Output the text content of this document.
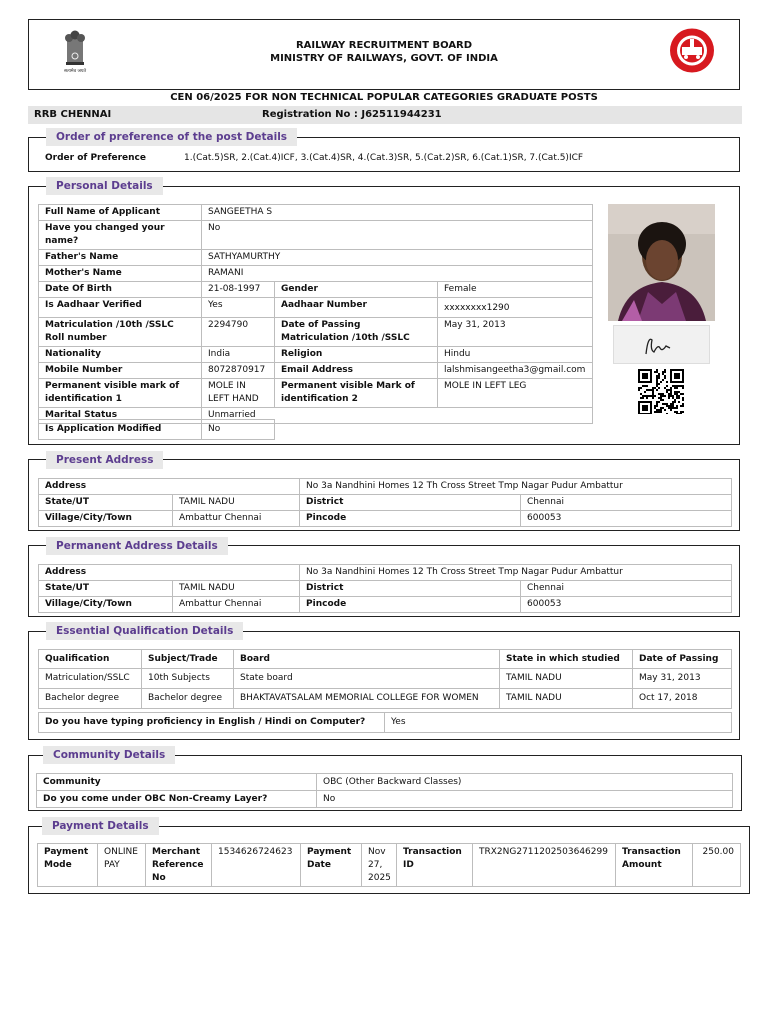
सत्यमेव जयते
RAILWAY RECRUITMENT BOARD
MINISTRY OF RAILWAYS, GOVT. OF INDIA
CEN 06/2025 FOR NON TECHNICAL POPULAR CATEGORIES GRADUATE POSTS
RRB CHENNAI	Registration No : J62511944231
Order of preference of the post Details
Order of Preference	1.(Cat.5)SR, 2.(Cat.4)ICF, 3.(Cat.4)SR, 4.(Cat.3)SR, 5.(Cat.2)SR, 6.(Cat.1)SR, 7.(Cat.5)ICF
Personal Details
Full Name of Applicant	SANGEETHA S		
Have you changed your name?	No		
Father's Name	SATHYAMURTHY		
Mother's Name	RAMANI		
Date Of Birth	21-08-1997	Gender	Female
Is Aadhaar Verified	Yes	Aadhaar Number	xxxxxxxx1290
Matriculation /10th /SSLC Roll number	2294790	Date of Passing Matriculation /10th /SSLC	May 31, 2013
Nationality	India	Religion	Hindu
Mobile Number	8072870917	Email Address	lalshmisangeetha3@gmail.com
Permanent visible mark of identification 1	MOLE IN LEFT HAND	Permanent visible Mark of identification 2	MOLE IN LEFT LEG
Marital Status	Unmarried		
Is Application Modified	No
Present Address
Address		No 3a Nandhini Homes 12 Th Cross Street Tmp Nagar Pudur Ambattur	
State/UT	TAMIL NADU	District	Chennai
Village/City/Town	Ambattur Chennai	Pincode	600053
Permanent Address Details
Address		No 3a Nandhini Homes 12 Th Cross Street Tmp Nagar Pudur Ambattur	
State/UT	TAMIL NADU	District	Chennai
Village/City/Town	Ambattur Chennai	Pincode	600053
Essential Qualification Details
Qualification	Subject/Trade	Board	State in which studied	Date of Passing
Matriculation/SSLC	10th Subjects	State board	TAMIL NADU	May 31, 2013
Bachelor degree	Bachelor degree	BHAKTAVATSALAM MEMORIAL COLLEGE FOR WOMEN	TAMIL NADU	Oct 17, 2018
Do you have typing proficiency in English / Hindi on Computer?	Yes
Community Details
Community	OBC (Other Backward Classes)
Do you come under OBC Non-Creamy Layer?	No
Payment Details
Payment Mode	ONLINE PAY	Merchant Reference No	1534626724623	Payment Date	Nov 27, 2025	Transaction ID	TRX2NG2711202503646299	Transaction Amount	250.00
